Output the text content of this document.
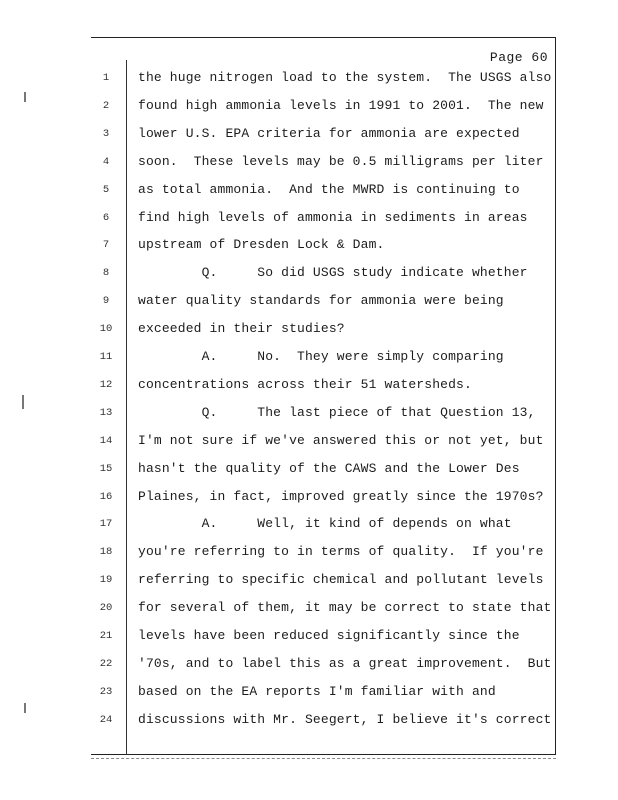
Page 60
1	the huge nitrogen load to the system.  The USGS also
2	found high ammonia levels in 1991 to 2001.  The new
3	lower U.S. EPA criteria for ammonia are expected
4	soon.  These levels may be 0.5 milligrams per liter
5	as total ammonia.  And the MWRD is continuing to
6	find high levels of ammonia in sediments in areas
7	upstream of Dresden Lock & Dam.
8	Q.     So did USGS study indicate whether
9	water quality standards for ammonia were being
10 exceeded in their studies?
11 A.     No.  They were simply comparing
12 concentrations across their 51 watersheds.
13 Q.     The last piece of that Question 13,
14 I'm not sure if we've answered this or not yet, but
15 hasn't the quality of the CAWS and the Lower Des
16 Plaines, in fact, improved greatly since the 1970s?
17 A.     Well, it kind of depends on what
18 you're referring to in terms of quality.  If you're
19 referring to specific chemical and pollutant levels
20 for several of them, it may be correct to state that
21 levels have been reduced significantly since the
22 '70s, and to label this as a great improvement.  But
23 based on the EA reports I'm familiar with and
24 discussions with Mr. Seegert, I believe it's correct
